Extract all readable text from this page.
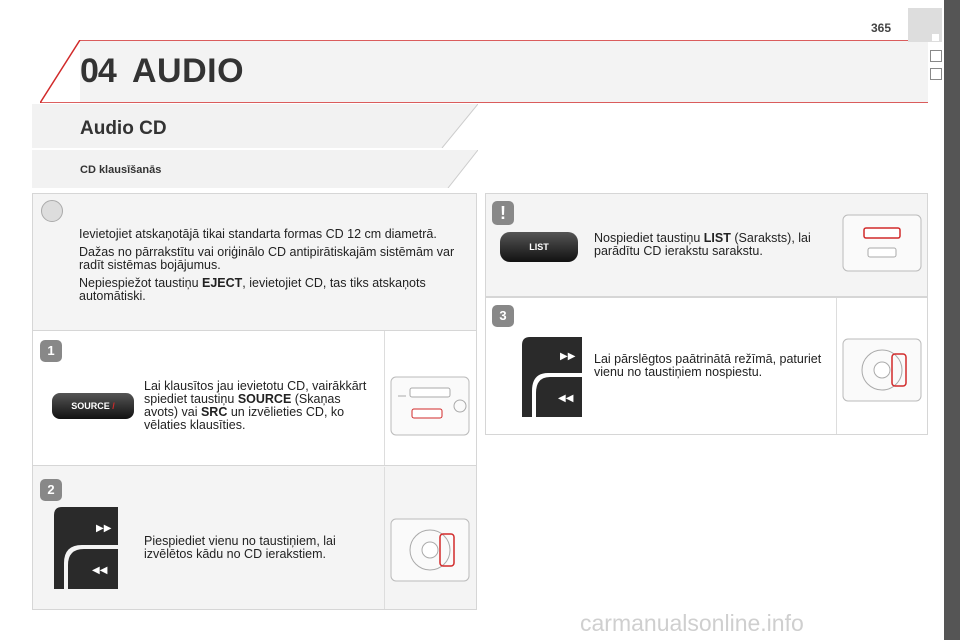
04 AUDIO
365
Audio CD
CD klausīšanās

Ievietojiet atskaņotājā tikai standarta formas CD 12 cm diametrā.

Dažas no pārrakstītu vai oriģinālo CD antipirātiskajām sistēmām var radīt sistēmas bojājumus.

Nepiespiežot taustiņu EJECT, ievietojiet CD, tas tiks atskaņots automātiski.

1
SOURCE /
Lai klausītos jau ievietotu CD, vairākkārt spiediet taustiņu SOURCE (Skaņas avots) vai SRC un izvēlieties CD, ko vēlaties klausīties.
2
▶▶
◀◀
Piespiediet vienu no taustiņiem, lai izvēlētos kādu no CD ierakstiem.
!
LIST
Nospiediet taustiņu LIST (Saraksts), lai parādītu CD ierakstu sarakstu.
3
▶▶
◀◀
Lai pārslēgtos paātrinātā režīmā, paturiet vienu no taustiņiem nospiestu.
carmanualsonline.info
